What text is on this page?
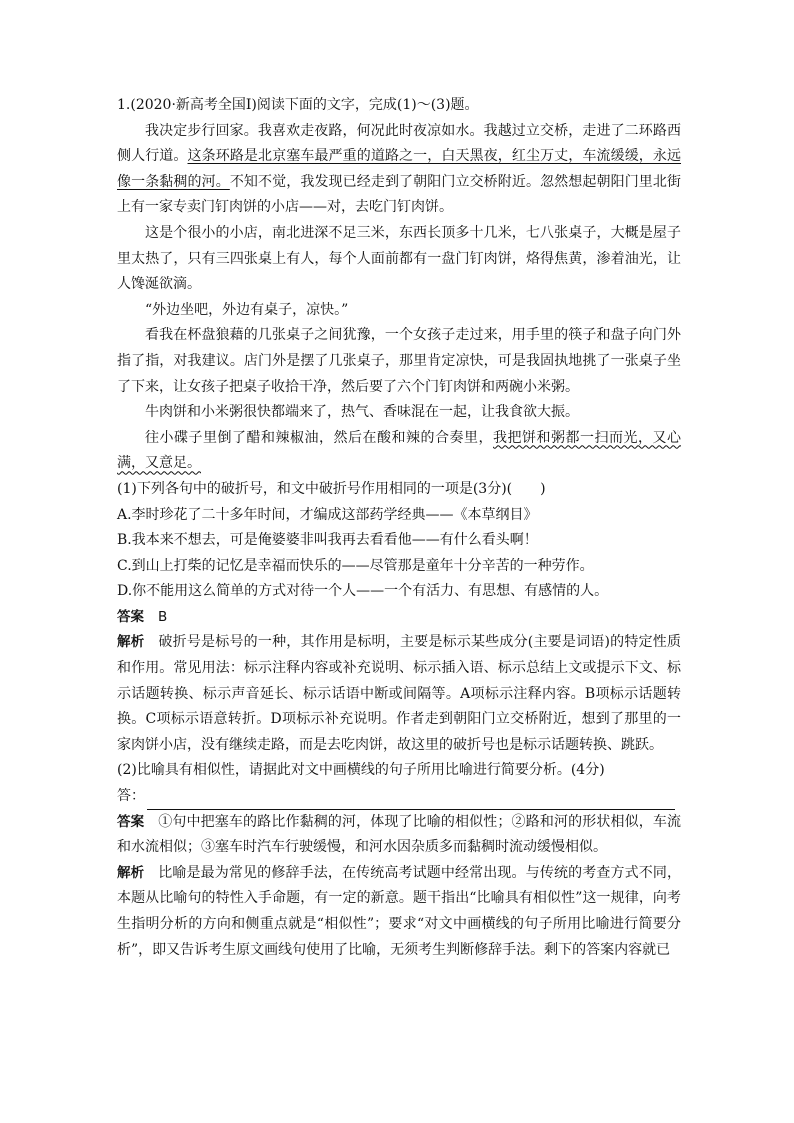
1.(2020·新高考全国Ⅰ)阅读下面的文字，完成(1)～(3)题。

我决定步行回家。我喜欢走夜路，何况此时夜凉如水。我越过立交桥，走进了二环路西侧人行道。这条环路是北京塞车最严重的道路之一，白天黑夜，红尘万丈，车流缓缓，永远像一条黏稠的河。不知不觉，我发现已经走到了朝阳门立交桥附近。忽然想起朝阳门里北街上有一家专卖门钉肉饼的小店——对，去吃门钉肉饼。

这是个很小的小店，南北进深不足三米，东西长顶多十几米，七八张桌子，大概是屋子里太热了，只有三四张桌上有人，每个人面前都有一盘门钉肉饼，烙得焦黄，渗着油光，让人馋涎欲滴。

“外边坐吧，外边有桌子，凉快。”

看我在杯盘狼藉的几张桌子之间犹豫，一个女孩子走过来，用手里的筷子和盘子向门外指了指，对我建议。店门外是摆了几张桌子，那里肯定凉快，可是我固执地挑了一张桌子坐了下来，让女孩子把桌子收拾干净，然后要了六个门钉肉饼和两碗小米粥。

牛肉饼和小米粥很快都端来了，热气、香味混在一起，让我食欲大振。

往小碟子里倒了醋和辣椒油，然后在酸和辣的合奏里，我把饼和粥都一扫而光，又心满，又意足。

(1)下列各句中的破折号，和文中破折号作用相同的一项是(3分)(　　)

A.李时珍花了二十多年时间，才编成这部药学经典——《本草纲目》

B.我本来不想去，可是俺婆婆非叫我再去看看他——有什么看头啊！

C.到山上打柴的记忆是幸福而快乐的——尽管那是童年十分辛苦的一种劳作。

D.你不能用这么简单的方式对待一个人——一个有活力、有思想、有感情的人。

答案 B

解析 破折号是标号的一种，其作用是标明，主要是标示某些成分(主要是词语)的特定性质和作用。常见用法：标示注释内容或补充说明、标示插入语、标示总结上文或提示下文、标示话题转换、标示声音延长、标示话语中断或间隔等。A项标示注释内容。B项标示话题转换。C项标示语意转折。D项标示补充说明。作者走到朝阳门立交桥附近，想到了那里的一家肉饼小店，没有继续走路，而是去吃肉饼，故这里的破折号也是标示话题转换、跳跃。

(2)比喻具有相似性，请据此对文中画横线的句子所用比喻进行简要分析。(4分)

答：

答案 ①句中把塞车的路比作黏稠的河，体现了比喻的相似性；②路和河的形状相似，车流和水流相似；③塞车时汽车行驶缓慢，和河水因杂质多而黏稠时流动缓慢相似。

解析 比喻是最为常见的修辞手法，在传统高考试题中经常出现。与传统的考查方式不同，本题从比喻句的特性入手命题，有一定的新意。题干指出“比喻具有相似性”这一规律，向考生指明分析的方向和侧重点就是“相似性”；要求“对文中画横线的句子所用比喻进行简要分析”，即又告诉考生原文画线句使用了比喻，无须考生判断修辞手法。剩下的答案内容就已
